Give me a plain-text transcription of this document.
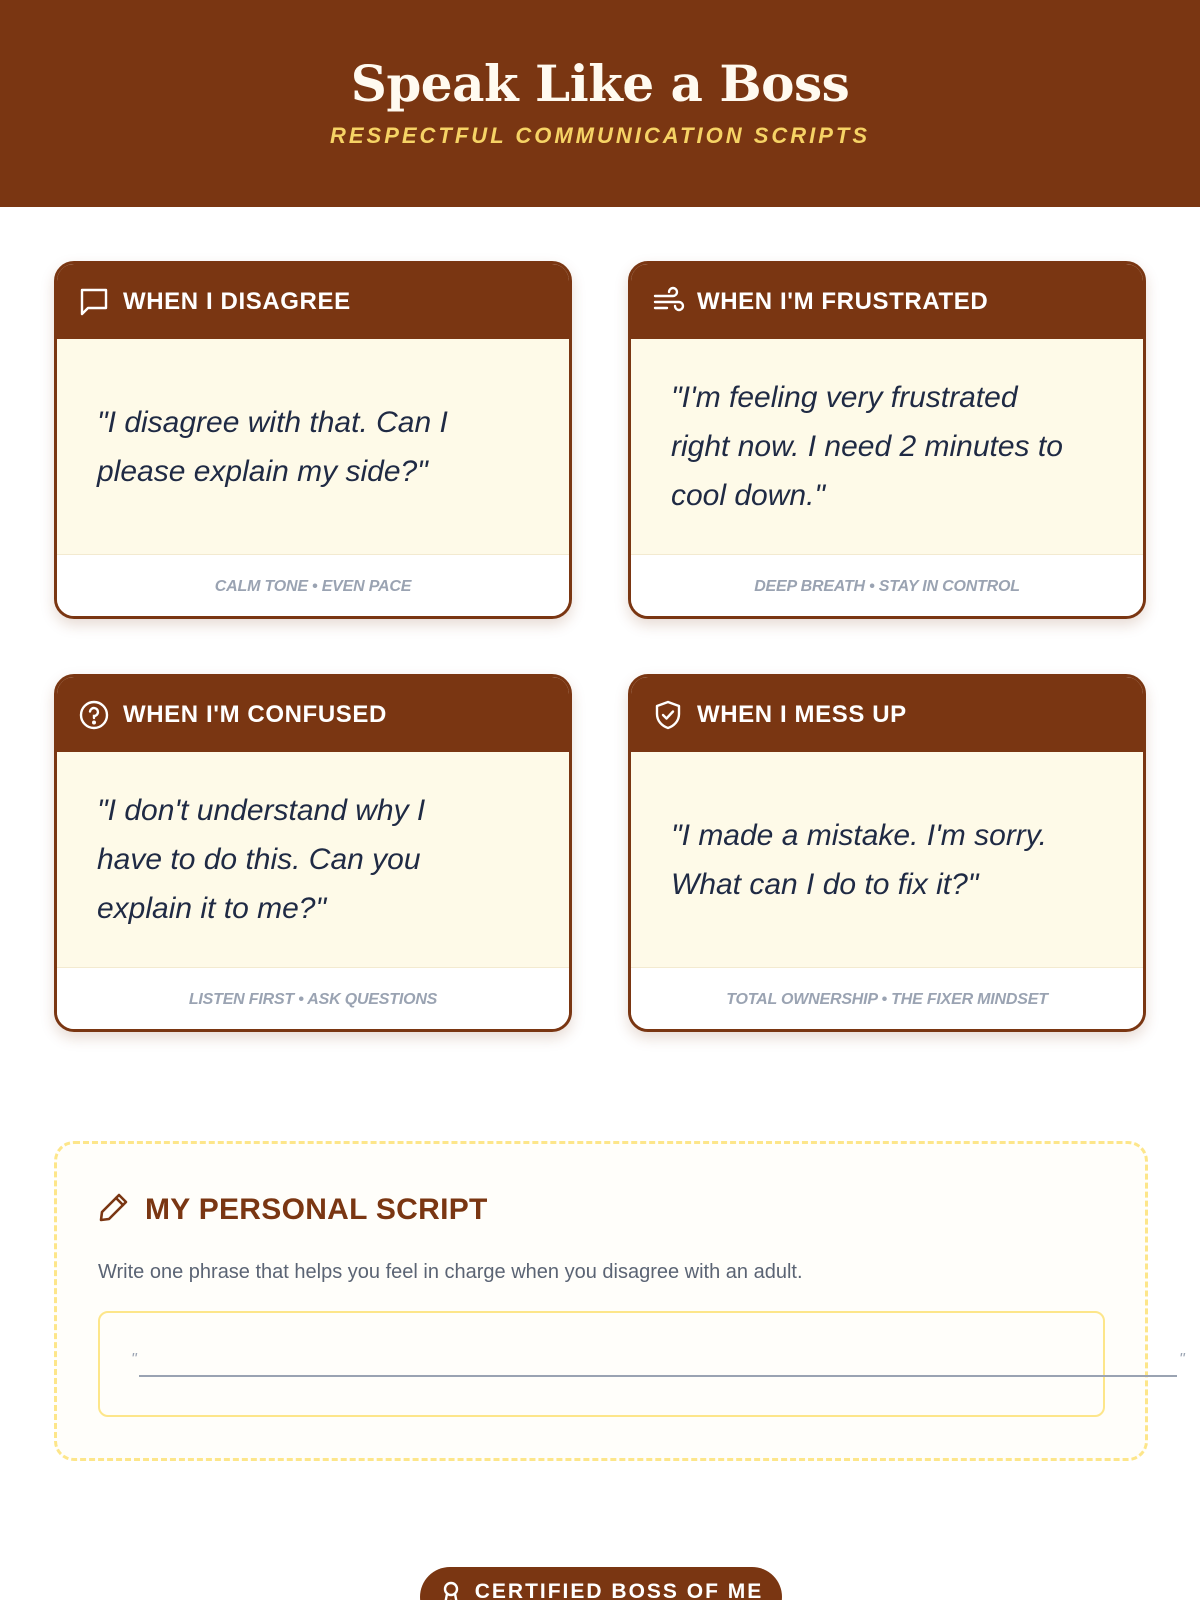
Speak Like a Boss
RESPECTFUL COMMUNICATION SCRIPTS
WHEN I DISAGREE
"I disagree with that. Can I
please explain my side?"
CALM TONE • EVEN PACE
WHEN I'M FRUSTRATED
"I'm feeling very frustrated
right now. I need 2 minutes to
cool down."
DEEP BREATH • STAY IN CONTROL
WHEN I'M CONFUSED
"I don't understand why I
have to do this. Can you
explain it to me?"
LISTEN FIRST • ASK QUESTIONS
WHEN I MESS UP
"I made a mistake. I'm sorry.
What can I do to fix it?"
TOTAL OWNERSHIP • THE FIXER MINDSET
MY PERSONAL SCRIPT
Write one phrase that helps you feel in charge when you disagree with an adult.
"	"
CERTIFIED BOSS OF ME
